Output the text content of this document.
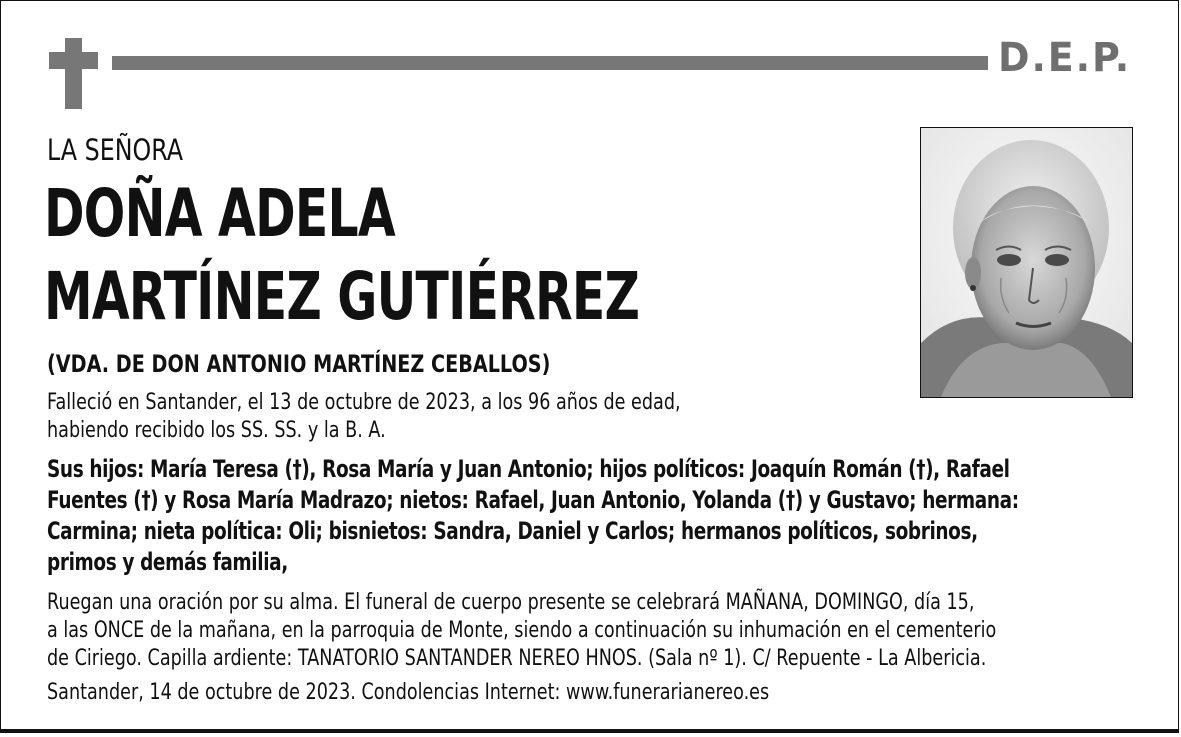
D.E.P.
LA SEÑORA
DOÑA ADELA
MARTÍNEZ GUTIÉRREZ
(VDA. DE DON ANTONIO MARTÍNEZ CEBALLOS)
Falleció en Santander, el 13 de octubre de 2023, a los 96 años de edad,
habiendo recibido los SS. SS. y la B. A.
Sus hijos: María Teresa (†), Rosa María y Juan Antonio; hijos políticos: Joaquín Román (†), Rafael
Fuentes (†) y Rosa María Madrazo; nietos: Rafael, Juan Antonio, Yolanda (†) y Gustavo; hermana:
Carmina; nieta política: Oli; bisnietos: Sandra, Daniel y Carlos; hermanos políticos, sobrinos,
primos y demás familia,
Ruegan una oración por su alma. El funeral de cuerpo presente se celebrará MAÑANA, DOMINGO, día 15,
a las ONCE de la mañana, en la parroquia de Monte, siendo a continuación su inhumación en el cementerio
de Ciriego. Capilla ardiente: TANATORIO SANTANDER NEREO HNOS. (Sala nº 1). C/ Repuente - La Albericia.
Santander, 14 de octubre de 2023. Condolencias Internet: www.funerarianereo.es
